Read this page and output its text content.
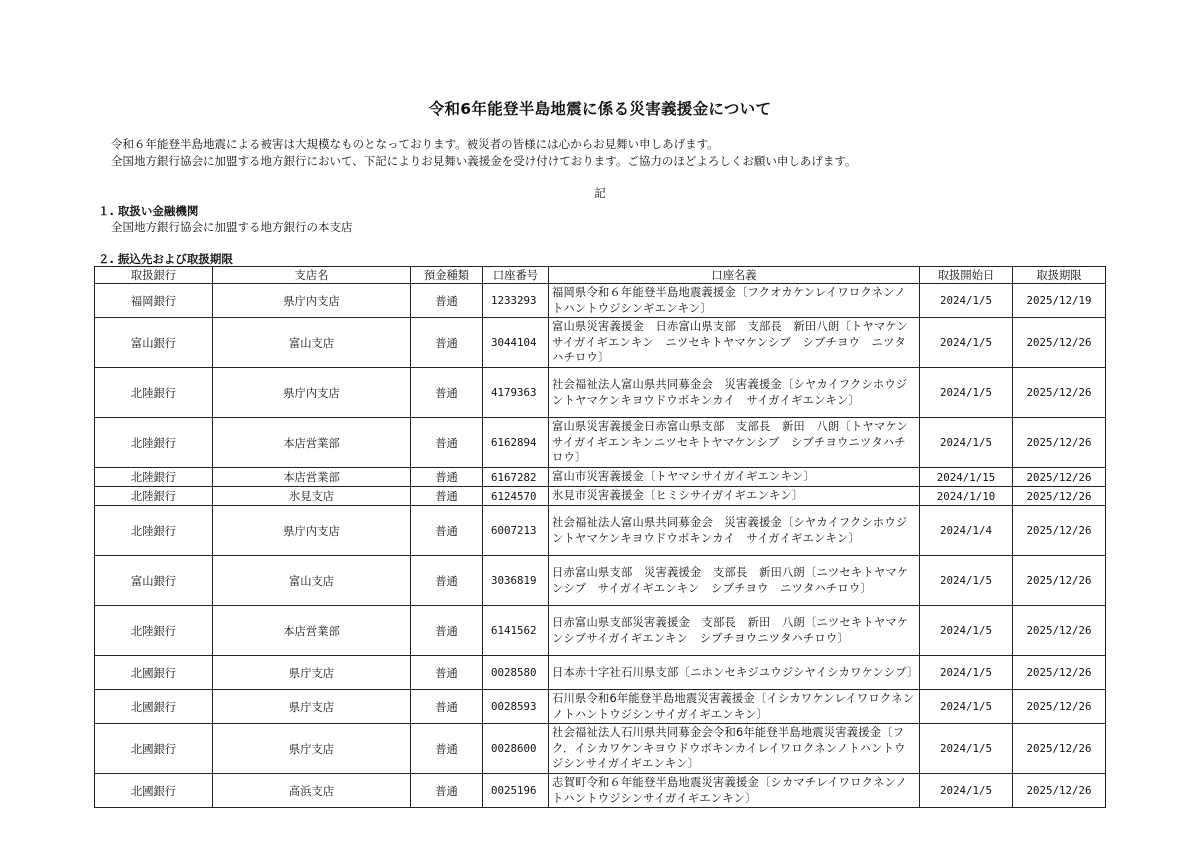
令和6年能登半島地震に係る災害義援金について
令和６年能登半島地震による被害は大規模なものとなっております。被災者の皆様には心からお見舞い申しあげます。
全国地方銀行協会に加盟する地方銀行において、下記によりお見舞い義援金を受け付けております。ご協力のほどよろしくお願い申しあげます。
記
１. 取扱い金融機関
全国地方銀行協会に加盟する地方銀行の本支店
２. 振込先および取扱期限
取扱銀行	支店名	預金種類	口座番号	口座名義	取扱開始日	取扱期限
福岡銀行	県庁内支店	普通	1233293	福岡県令和６年能登半島地震義援金〔フクオカケンレイワロクネンノトハントウジシンギエンキン〕	2024/1/5	2025/12/19
富山銀行	富山支店	普通	3044104	富山県災害義援金　日赤富山県支部　支部長　新田八朗〔トヤマケンサイガイギエンキン　ニツセキトヤマケンシブ　シブチヨウ　ニツタハチロウ〕	2024/1/5	2025/12/26
北陸銀行	県庁内支店	普通	4179363	社会福祉法人富山県共同募金会　災害義援金〔シヤカイフクシホウジントヤマケンキヨウドウボキンカイ　サイガイギエンキン〕	2024/1/5	2025/12/26
北陸銀行	本店営業部	普通	6162894	富山県災害義援金日赤富山県支部　支部長　新田　八朗〔トヤマケンサイガイギエンキンニツセキトヤマケンシブ　シブチヨウニツタハチロウ〕	2024/1/5	2025/12/26
北陸銀行	本店営業部	普通	6167282	富山市災害義援金〔トヤマシサイガイギエンキン〕	2024/1/15	2025/12/26
北陸銀行	氷見支店	普通	6124570	氷見市災害義援金〔ヒミシサイガイギエンキン〕	2024/1/10	2025/12/26
北陸銀行	県庁内支店	普通	6007213	社会福祉法人富山県共同募金会　災害義援金〔シヤカイフクシホウジントヤマケンキヨウドウボキンカイ　サイガイギエンキン〕	2024/1/4	2025/12/26
富山銀行	富山支店	普通	3036819	日赤富山県支部　災害義援金　支部長　新田八朗〔ニツセキトヤマケンシブ　サイガイギエンキン　シブチヨウ　ニツタハチロウ〕	2024/1/5	2025/12/26
北陸銀行	本店営業部	普通	6141562	日赤富山県支部災害義援金　支部長　新田　八朗〔ニツセキトヤマケンシブサイガイギエンキン　シブチヨウニツタハチロウ〕	2024/1/5	2025/12/26
北國銀行	県庁支店	普通	0028580	日本赤十字社石川県支部〔ニホンセキジユウジシヤイシカワケンシブ〕	2024/1/5	2025/12/26
北國銀行	県庁支店	普通	0028593	石川県令和6年能登半島地震災害義援金〔イシカワケンレイワロクネンノトハントウジシンサイガイギエンキン〕	2024/1/5	2025/12/26
北國銀行	県庁支店	普通	0028600	社会福祉法人石川県共同募金会令和6年能登半島地震災害義援金〔フク．イシカワケンキヨウドウボキンカイレイワロクネンノトハントウジシンサイガイギエンキン〕	2024/1/5	2025/12/26
北國銀行	高浜支店	普通	0025196	志賀町令和６年能登半島地震災害義援金〔シカマチレイワロクネンノトハントウジシンサイガイギエンキン〕	2024/1/5	2025/12/26
